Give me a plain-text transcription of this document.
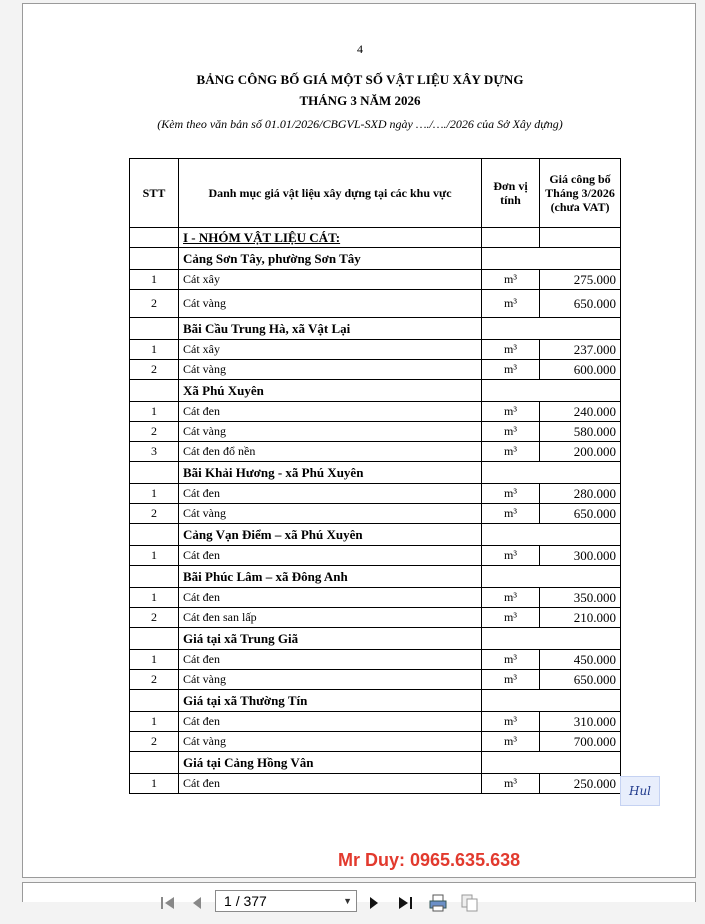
4
BẢNG CÔNG BỐ GIÁ MỘT SỐ VẬT LIỆU XÂY DỰNG
THÁNG 3 NĂM 2026
(Kèm theo văn bản số 01.01/2026/CBGVL-SXD ngày …./…./2026 của Sở Xây dựng)
STT	Danh mục giá vật liệu xây dựng tại các khu vực	Đơn vị tính	Giá công bố Tháng 3/2026 (chưa VAT)
	I - NHÓM VẬT LIỆU CÁT:		
	Cảng Sơn Tây, phường Sơn Tây		
1	Cát xây	m³	275.000
2	Cát vàng	m³	650.000
	Bãi Cầu Trung Hà, xã Vật Lại		
1	Cát xây	m³	237.000
2	Cát vàng	m³	600.000
	Xã Phú Xuyên		
1	Cát đen	m³	240.000
2	Cát vàng	m³	580.000
3	Cát đen đổ nền	m³	200.000
	Bãi Khải Hương - xã Phú Xuyên		
1	Cát đen	m³	280.000
2	Cát vàng	m³	650.000
	Cảng Vạn Điểm – xã Phú Xuyên		
1	Cát đen	m³	300.000
	Bãi Phúc Lâm – xã Đông Anh		
1	Cát đen	m³	350.000
2	Cát đen san lấp	m³	210.000
	Giá tại xã Trung Giã		
1	Cát đen	m³	450.000
2	Cát vàng	m³	650.000
	Giá tại xã Thường Tín		
1	Cát đen	m³	310.000
2	Cát vàng	m³	700.000
	Giá tại Cảng Hồng Vân		
1	Cát đen	m³	250.000
Hul
Mr Duy: 0965.635.638
1 / 377	▼
